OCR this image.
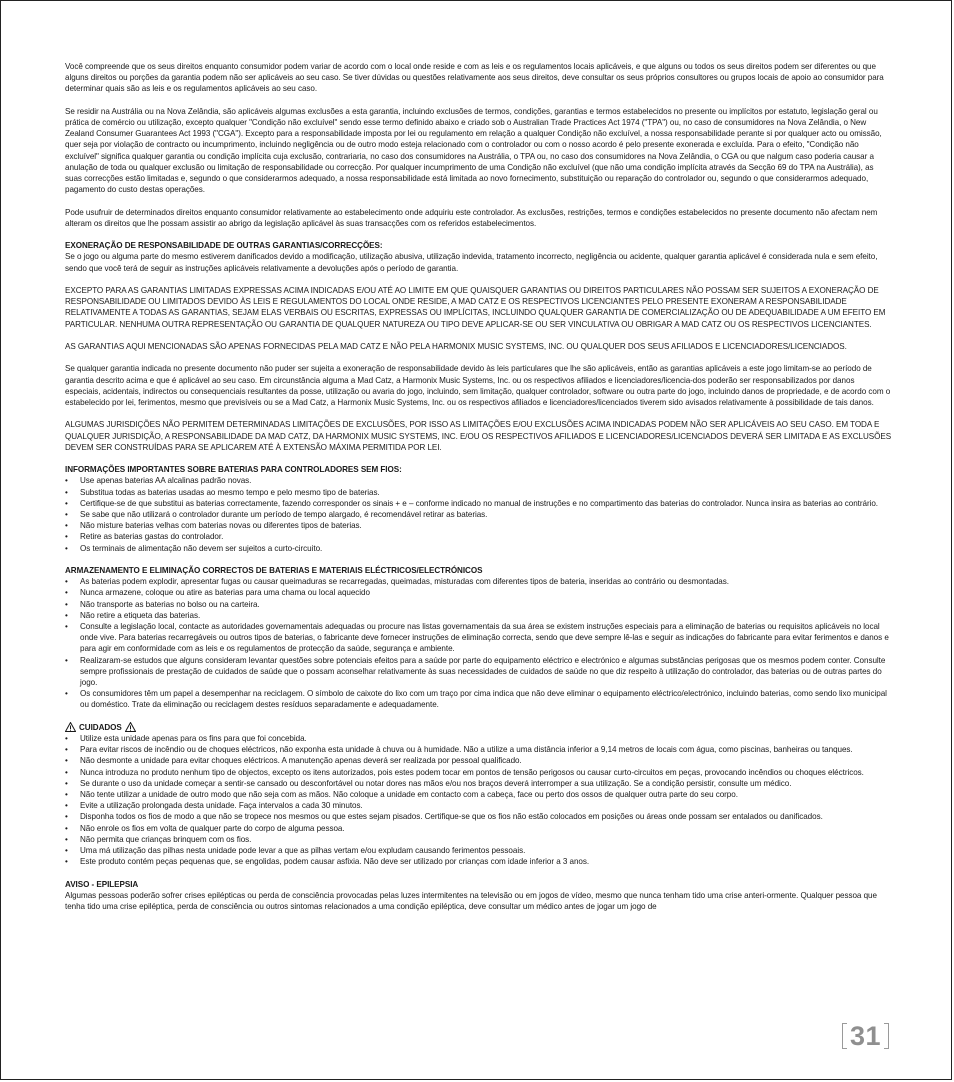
Você compreende que os seus direitos enquanto consumidor podem variar de acordo com o local onde reside e com as leis e os regulamentos locais aplicáveis, e que alguns ou todos os seus direitos podem ser diferentes ou que alguns direitos ou porções da garantia podem não ser aplicáveis ao seu caso. Se tiver dúvidas ou questões relativamente aos seus direitos, deve consultar os seus próprios consultores ou grupos locais de apoio ao consumidor para determinar quais são as leis e os regulamentos aplicáveis ao seu caso.

Se residir na Austrália ou na Nova Zelândia, são aplicáveis algumas exclusões a esta garantia, incluindo exclusões de termos, condições, garantias e termos estabelecidos no presente ou implícitos por estatuto, legislação geral ou prática de comércio ou utilização, excepto qualquer "Condição não excluível" sendo esse termo definido abaixo e criado sob o Australian Trade Practices Act 1974 ("TPA") ou, no caso de consumidores na Nova Zelândia, o New Zealand Consumer Guarantees Act 1993 ("CGA"). Excepto para a responsabilidade imposta por lei ou regulamento em relação a qualquer Condição não excluível, a nossa responsabilidade perante si por qualquer acto ou omissão, quer seja por violação de contracto ou incumprimento, incluindo negligência ou de outro modo esteja relacionado com o controlador ou com o nosso acordo é pelo presente exonerada e excluída. Para o efeito, "Condição não excluível" significa qualquer garantia ou condição implícita cuja exclusão, contrariaria, no caso dos consumidores na Austrália, o TPA ou, no caso dos consumidores na Nova Zelândia, o CGA ou que nalgum caso poderia causar a anulação de toda ou qualquer exclusão ou limitação de responsabilidade ou correcção. Por qualquer incumprimento de uma Condição não excluível (que não uma condição implícita através da Secção 69 do TPA na Austrália), as suas correcções estão limitadas e, segundo o que considerarmos adequado, a nossa responsabilidade está limitada ao novo fornecimento, substituição ou reparação do controlador ou, segundo o que considerarmos adequado, pagamento do custo destas operações.

Pode usufruir de determinados direitos enquanto consumidor relativamente ao estabelecimento onde adquiriu este controlador. As exclusões, restrições, termos e condições estabelecidos no presente documento não afectam nem alteram os direitos que lhe possam assistir ao abrigo da legislação aplicável às suas transacções com os referidos estabelecimentos.

EXONERAÇÃO DE RESPONSABILIDADE DE OUTRAS GARANTIAS/CORRECÇÕES:

Se o jogo ou alguma parte do mesmo estiverem danificados devido a modificação, utilização abusiva, utilização indevida, tratamento incorrecto, negligência ou acidente, qualquer garantia aplicável é considerada nula e sem efeito, sendo que você terá de seguir as instruções aplicáveis relativamente a devoluções após o período de garantia.

EXCEPTO PARA AS GARANTIAS LIMITADAS EXPRESSAS ACIMA INDICADAS E/OU ATÉ AO LIMITE EM QUE QUAISQUER GARANTIAS OU DIREITOS PARTICULARES NÃO POSSAM SER SUJEITOS A EXONERAÇÃO DE RESPONSABILIDADE OU LIMITADOS DEVIDO ÀS LEIS E REGULAMENTOS DO LOCAL ONDE RESIDE, A MAD CATZ E OS RESPECTIVOS LICENCIANTES PELO PRESENTE EXONERAM A RESPONSABILIDADE RELATIVAMENTE A TODAS AS GARANTIAS, SEJAM ELAS VERBAIS OU ESCRITAS, EXPRESSAS OU IMPLÍCITAS, INCLUINDO QUALQUER GARANTIA DE COMERCIALIZAÇÃO OU DE ADEQUABILIDADE A UM EFEITO EM PARTICULAR. NENHUMA OUTRA REPRESENTAÇÃO OU GARANTIA DE QUALQUER NATUREZA OU TIPO DEVE APLICAR-SE OU SER VINCULATIVA OU OBRIGAR A MAD CATZ OU OS RESPECTIVOS LICENCIANTES.

AS GARANTIAS AQUI MENCIONADAS SÃO APENAS FORNECIDAS PELA MAD CATZ E NÃO PELA HARMONIX MUSIC SYSTEMS, INC. OU QUALQUER DOS SEUS AFILIADOS E LICENCIADORES/LICENCIADOS.

Se qualquer garantia indicada no presente documento não puder ser sujeita a exoneração de responsabilidade devido às leis particulares que lhe são aplicáveis, então as garantias aplicáveis a este jogo limitam-se ao período de garantia descrito acima e que é aplicável ao seu caso. Em circunstância alguma a Mad Catz, a Harmonix Music Systems, Inc. ou os respectivos afiliados e licenciadores/licencia-dos poderão ser responsabilizados por danos especiais, acidentais, indirectos ou consequenciais resultantes da posse, utilização ou avaria do jogo, incluindo, sem limitação, qualquer controlador, software ou outra parte do jogo, incluindo danos de propriedade, e de acordo com o estabelecido por lei, ferimentos, mesmo que previsíveis ou se a Mad Catz, a Harmonix Music Systems, Inc. ou os respectivos afiliados e licenciadores/licenciados tiverem sido avisados relativamente à possibilidade de tais danos.

ALGUMAS JURISDIÇÕES NÃO PERMITEM DETERMINADAS LIMITAÇÕES DE EXCLUSÕES, POR ISSO AS LIMITAÇÕES E/OU EXCLUSÕES ACIMA INDICADAS PODEM NÃO SER APLICÁVEIS AO SEU CASO. EM TODA E QUALQUER JURISDIÇÃO, A RESPONSABILIDADE DA MAD CATZ, DA HARMONIX MUSIC SYSTEMS, INC. E/OU OS RESPECTIVOS AFILIADOS E LICENCIADORES/LICENCIADOS DEVERÁ SER LIMITADA E AS EXCLUSÕES DEVEM SER CONSTRUÍDAS PARA SE APLICAREM ATÉ À EXTENSÃO MÁXIMA PERMITIDA POR LEI.

INFORMAÇÕES IMPORTANTES SOBRE BATERIAS PARA CONTROLADORES SEM FIOS:

• Use apenas baterias AA alcalinas padrão novas.
• Substitua todas as baterias usadas ao mesmo tempo e pelo mesmo tipo de baterias.
• Certifique-se de que substitui as baterias correctamente, fazendo corresponder os sinais + e – conforme indicado no manual de instruções e no compartimento das baterias do controlador. Nunca insira as baterias ao contrário.
• Se sabe que não utilizará o controlador durante um período de tempo alargado, é recomendável retirar as baterias.
• Não misture baterias velhas com baterias novas ou diferentes tipos de baterias.
• Retire as baterias gastas do controlador.
• Os terminais de alimentação não devem ser sujeitos a curto-circuito.

ARMAZENAMENTO E ELIMINAÇÃO CORRECTOS DE BATERIAS E MATERIAIS ELÉCTRICOS/ELECTRÓNICOS

• As baterias podem explodir, apresentar fugas ou causar queimaduras se recarregadas, queimadas, misturadas com diferentes tipos de bateria, inseridas ao contrário ou desmontadas.
• Nunca armazene, coloque ou atire as baterias para uma chama ou local aquecido
• Não transporte as baterias no bolso ou na carteira.
• Não retire a etiqueta das baterias.
• Consulte a legislação local, contacte as autoridades governamentais adequadas ou procure nas listas governamentais da sua área se existem instruções especiais para a eliminação de baterias ou requisitos aplicáveis no local onde vive. Para baterias recarregáveis ou outros tipos de baterias, o fabricante deve fornecer instruções de eliminação correcta, sendo que deve sempre lê-las e seguir as indicações do fabricante para evitar ferimentos e danos e para agir em conformidade com as leis e os regulamentos de protecção da saúde, segurança e ambiente.
• Realizaram-se estudos que alguns consideram levantar questões sobre potenciais efeitos para a saúde por parte do equipamento eléctrico e electrónico e algumas substâncias perigosas que os mesmos podem conter. Consulte sempre profissionais de prestação de cuidados de saúde que o possam aconselhar relativamente às suas necessidades de cuidados de saúde no que diz respeito à utilização do controlador, das baterias ou de outras partes do jogo.
• Os consumidores têm um papel a desempenhar na reciclagem. O símbolo de caixote do lixo com um traço por cima indica que não deve eliminar o equipamento eléctrico/electrónico, incluindo baterias, como sendo lixo municipal ou doméstico. Trate da eliminação ou reciclagem destes resíduos separadamente e adequadamente.
CUIDADOS
• Utilize esta unidade apenas para os fins para que foi concebida.
• Para evitar riscos de incêndio ou de choques eléctricos, não exponha esta unidade à chuva ou à humidade. Não a utilize a uma distância inferior a 9,14 metros de locais com água, como piscinas, banheiras ou tanques.
• Não desmonte a unidade para evitar choques eléctricos. A manutenção apenas deverá ser realizada por pessoal qualificado.
• Nunca introduza no produto nenhum tipo de objectos, excepto os itens autorizados, pois estes podem tocar em pontos de tensão perigosos ou causar curto-circuitos em peças, provocando incêndios ou choques eléctricos.
• Se durante o uso da unidade começar a sentir-se cansado ou desconfortável ou notar dores nas mãos e/ou nos braços deverá interromper a sua utilização. Se a condição persistir, consulte um médico.
• Não tente utilizar a unidade de outro modo que não seja com as mãos. Não coloque a unidade em contacto com a cabeça, face ou perto dos ossos de qualquer outra parte do seu corpo.
• Evite a utilização prolongada desta unidade. Faça intervalos a cada 30 minutos.
• Disponha todos os fios de modo a que não se tropece nos mesmos ou que estes sejam pisados. Certifique-se que os fios não estão colocados em posições ou áreas onde possam ser entalados ou danificados.
• Não enrole os fios em volta de qualquer parte do corpo de alguma pessoa.
• Não permita que crianças brinquem com os fios.
• Uma má utilização das pilhas nesta unidade pode levar a que as pilhas vertam e/ou expludam causando ferimentos pessoais.
• Este produto contém peças pequenas que, se engolidas, podem causar asfixia. Não deve ser utilizado por crianças com idade inferior a 3 anos.

AVISO - EPILEPSIA

Algumas pessoas poderão sofrer crises epilépticas ou perda de consciência provocadas pelas luzes intermitentes na televisão ou em jogos de vídeo, mesmo que nunca tenham tido uma crise anteri-ormente. Qualquer pessoa que tenha tido uma crise epiléptica, perda de consciência ou outros sintomas relacionados a uma condição epiléptica, deve consultar um médico antes de jogar um jogo de

31
